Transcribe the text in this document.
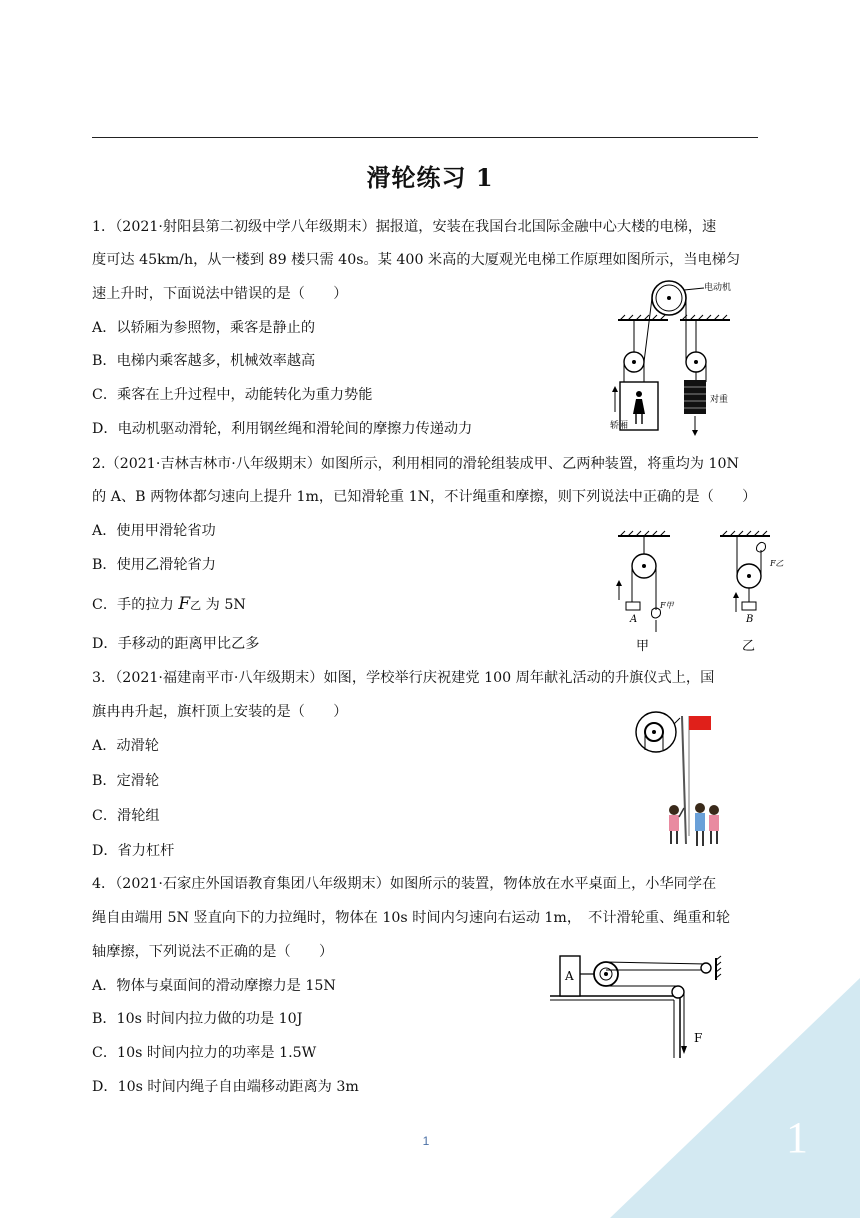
滑轮练习 1
1．（2021·射阳县第二初级中学八年级期末）据报道，安装在我国台北国际金融中心大楼的电梯，速
度可达 45km/h，从一楼到 89 楼只需 40s。某 400 米高的大厦观光电梯工作原理如图所示，当电梯匀
速上升时，下面说法中错误的是（　　）
A．以轿厢为参照物，乘客是静止的
B．电梯内乘客越多，机械效率越高
C．乘客在上升过程中，动能转化为重力势能
D．电动机驱动滑轮，利用钢丝绳和滑轮间的摩擦力传递动力
电动机
轿厢
对重
2.（2021·吉林吉林市·八年级期末）如图所示，利用相同的滑轮组装成甲、乙两种装置，将重均为 10N
的 A、B 两物体都匀速向上提升 1m，已知滑轮重 1N，不计绳重和摩擦，则下列说法中正确的是（　　）
A．使用甲滑轮省功
B．使用乙滑轮省力
C．手的拉力 F乙 为 5N
D．手移动的距离甲比乙多
A
F甲
甲
B
F乙
乙
3．（2021·福建南平市·八年级期末）如图，学校举行庆祝建党 100 周年献礼活动的升旗仪式上，国
旗冉冉升起，旗杆顶上安装的是（　　）
A．动滑轮
B．定滑轮
C．滑轮组
D．省力杠杆
4．（2021·石家庄外国语教育集团八年级期末）如图所示的装置，物体放在水平桌面上，小华同学在
绳自由端用 5N 竖直向下的力拉绳时，物体在 10s 时间内匀速向右运动 1m，　不计滑轮重、绳重和轮
轴摩擦，下列说法不正确的是（　　）
A．物体与桌面间的滑动摩擦力是 15N
B．10s 时间内拉力做的功是 10J
C．10s 时间内拉力的功率是 1.5W
D．10s 时间内绳子自由端移动距离为 3m
A
F
1
1
